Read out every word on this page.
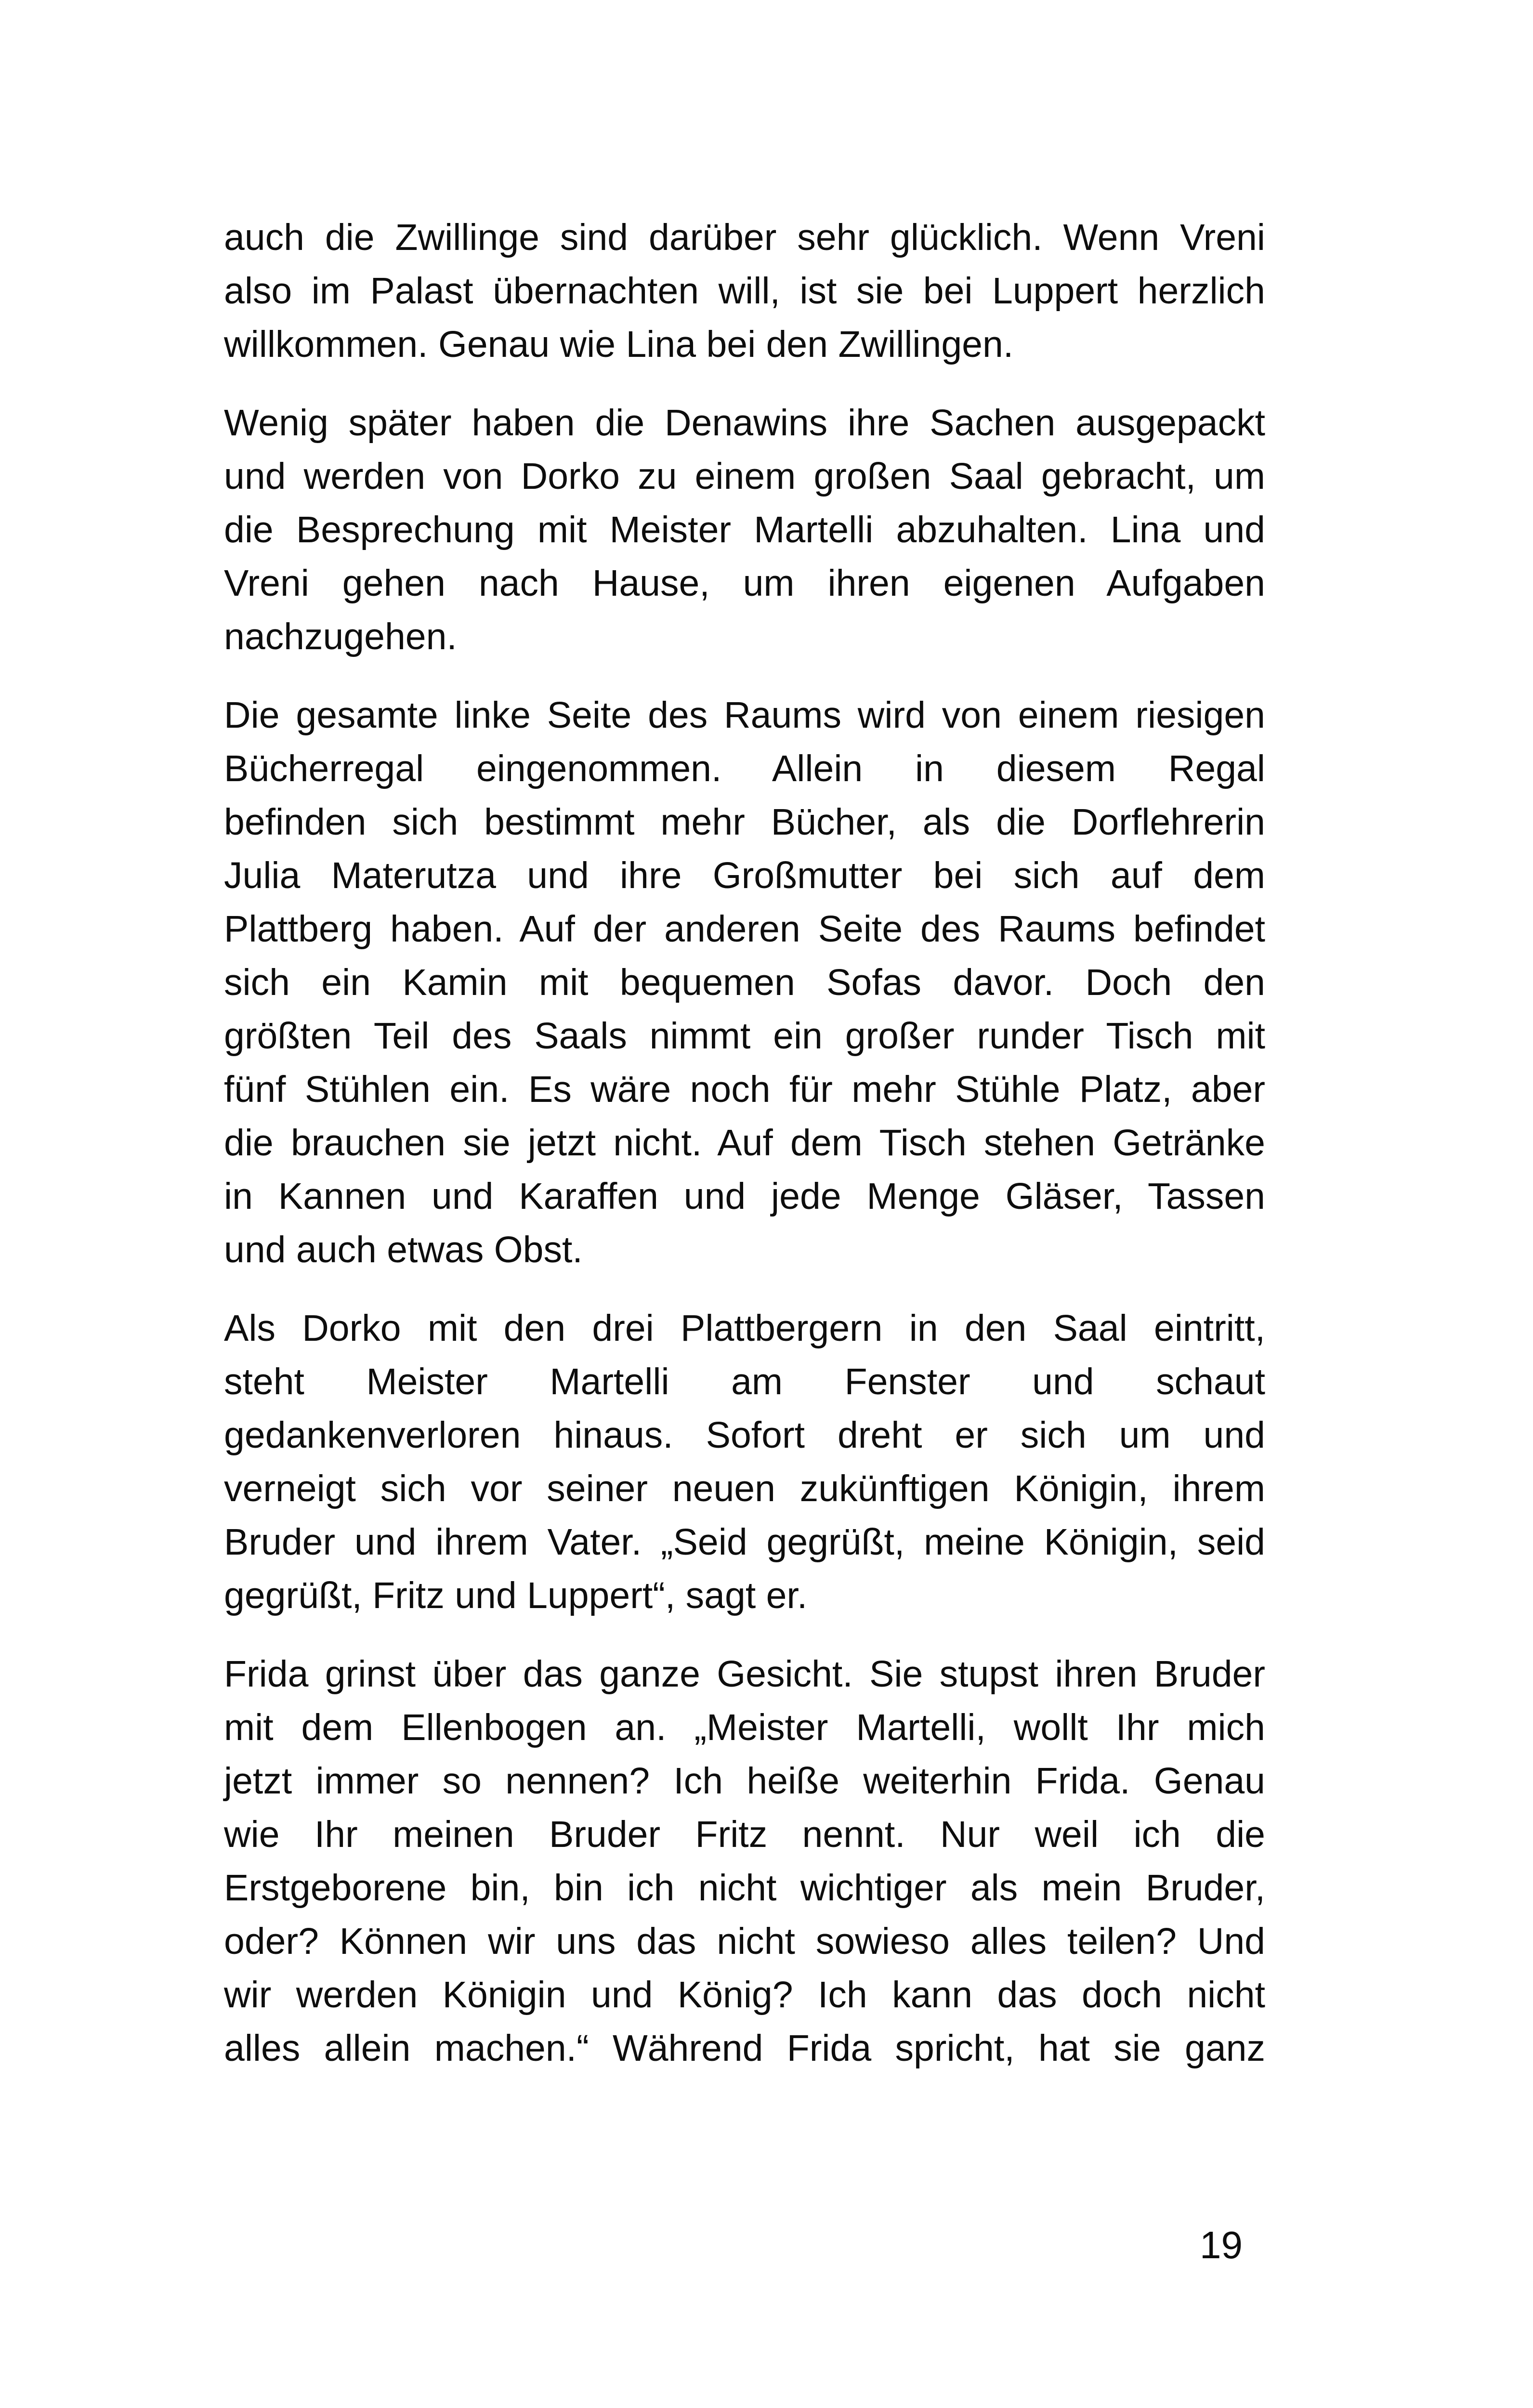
auch die Zwillinge sind darüber sehr glücklich. Wenn Vreni
also im Palast übernachten will, ist sie bei Luppert herzlich
willkommen. Genau wie Lina bei den Zwillingen.

Wenig später haben die Denawins ihre Sachen ausgepackt
und werden von Dorko zu einem großen Saal gebracht, um
die Besprechung mit Meister Martelli abzuhalten. Lina und
Vreni gehen nach Hause, um ihren eigenen Aufgaben
nachzugehen.

Die gesamte linke Seite des Raums wird von einem riesigen
Bücherregal eingenommen. Allein in diesem Regal
befinden sich bestimmt mehr Bücher, als die Dorflehrerin
Julia Materutza und ihre Großmutter bei sich auf dem
Plattberg haben. Auf der anderen Seite des Raums befindet
sich ein Kamin mit bequemen Sofas davor. Doch den
größten Teil des Saals nimmt ein großer runder Tisch mit
fünf Stühlen ein. Es wäre noch für mehr Stühle Platz, aber
die brauchen sie jetzt nicht. Auf dem Tisch stehen Getränke
in Kannen und Karaffen und jede Menge Gläser, Tassen
und auch etwas Obst.

Als Dorko mit den drei Plattbergern in den Saal eintritt,
steht Meister Martelli am Fenster und schaut
gedankenverloren hinaus. Sofort dreht er sich um und
verneigt sich vor seiner neuen zukünftigen Königin, ihrem
Bruder und ihrem Vater. „Seid gegrüßt, meine Königin, seid
gegrüßt, Fritz und Luppert“, sagt er.

Frida grinst über das ganze Gesicht. Sie stupst ihren Bruder
mit dem Ellenbogen an. „Meister Martelli, wollt Ihr mich
jetzt immer so nennen? Ich heiße weiterhin Frida. Genau
wie Ihr meinen Bruder Fritz nennt. Nur weil ich die
Erstgeborene bin, bin ich nicht wichtiger als mein Bruder,
oder? Können wir uns das nicht sowieso alles teilen? Und
wir werden Königin und König? Ich kann das doch nicht
alles allein machen.“ Während Frida spricht, hat sie ganz

19
